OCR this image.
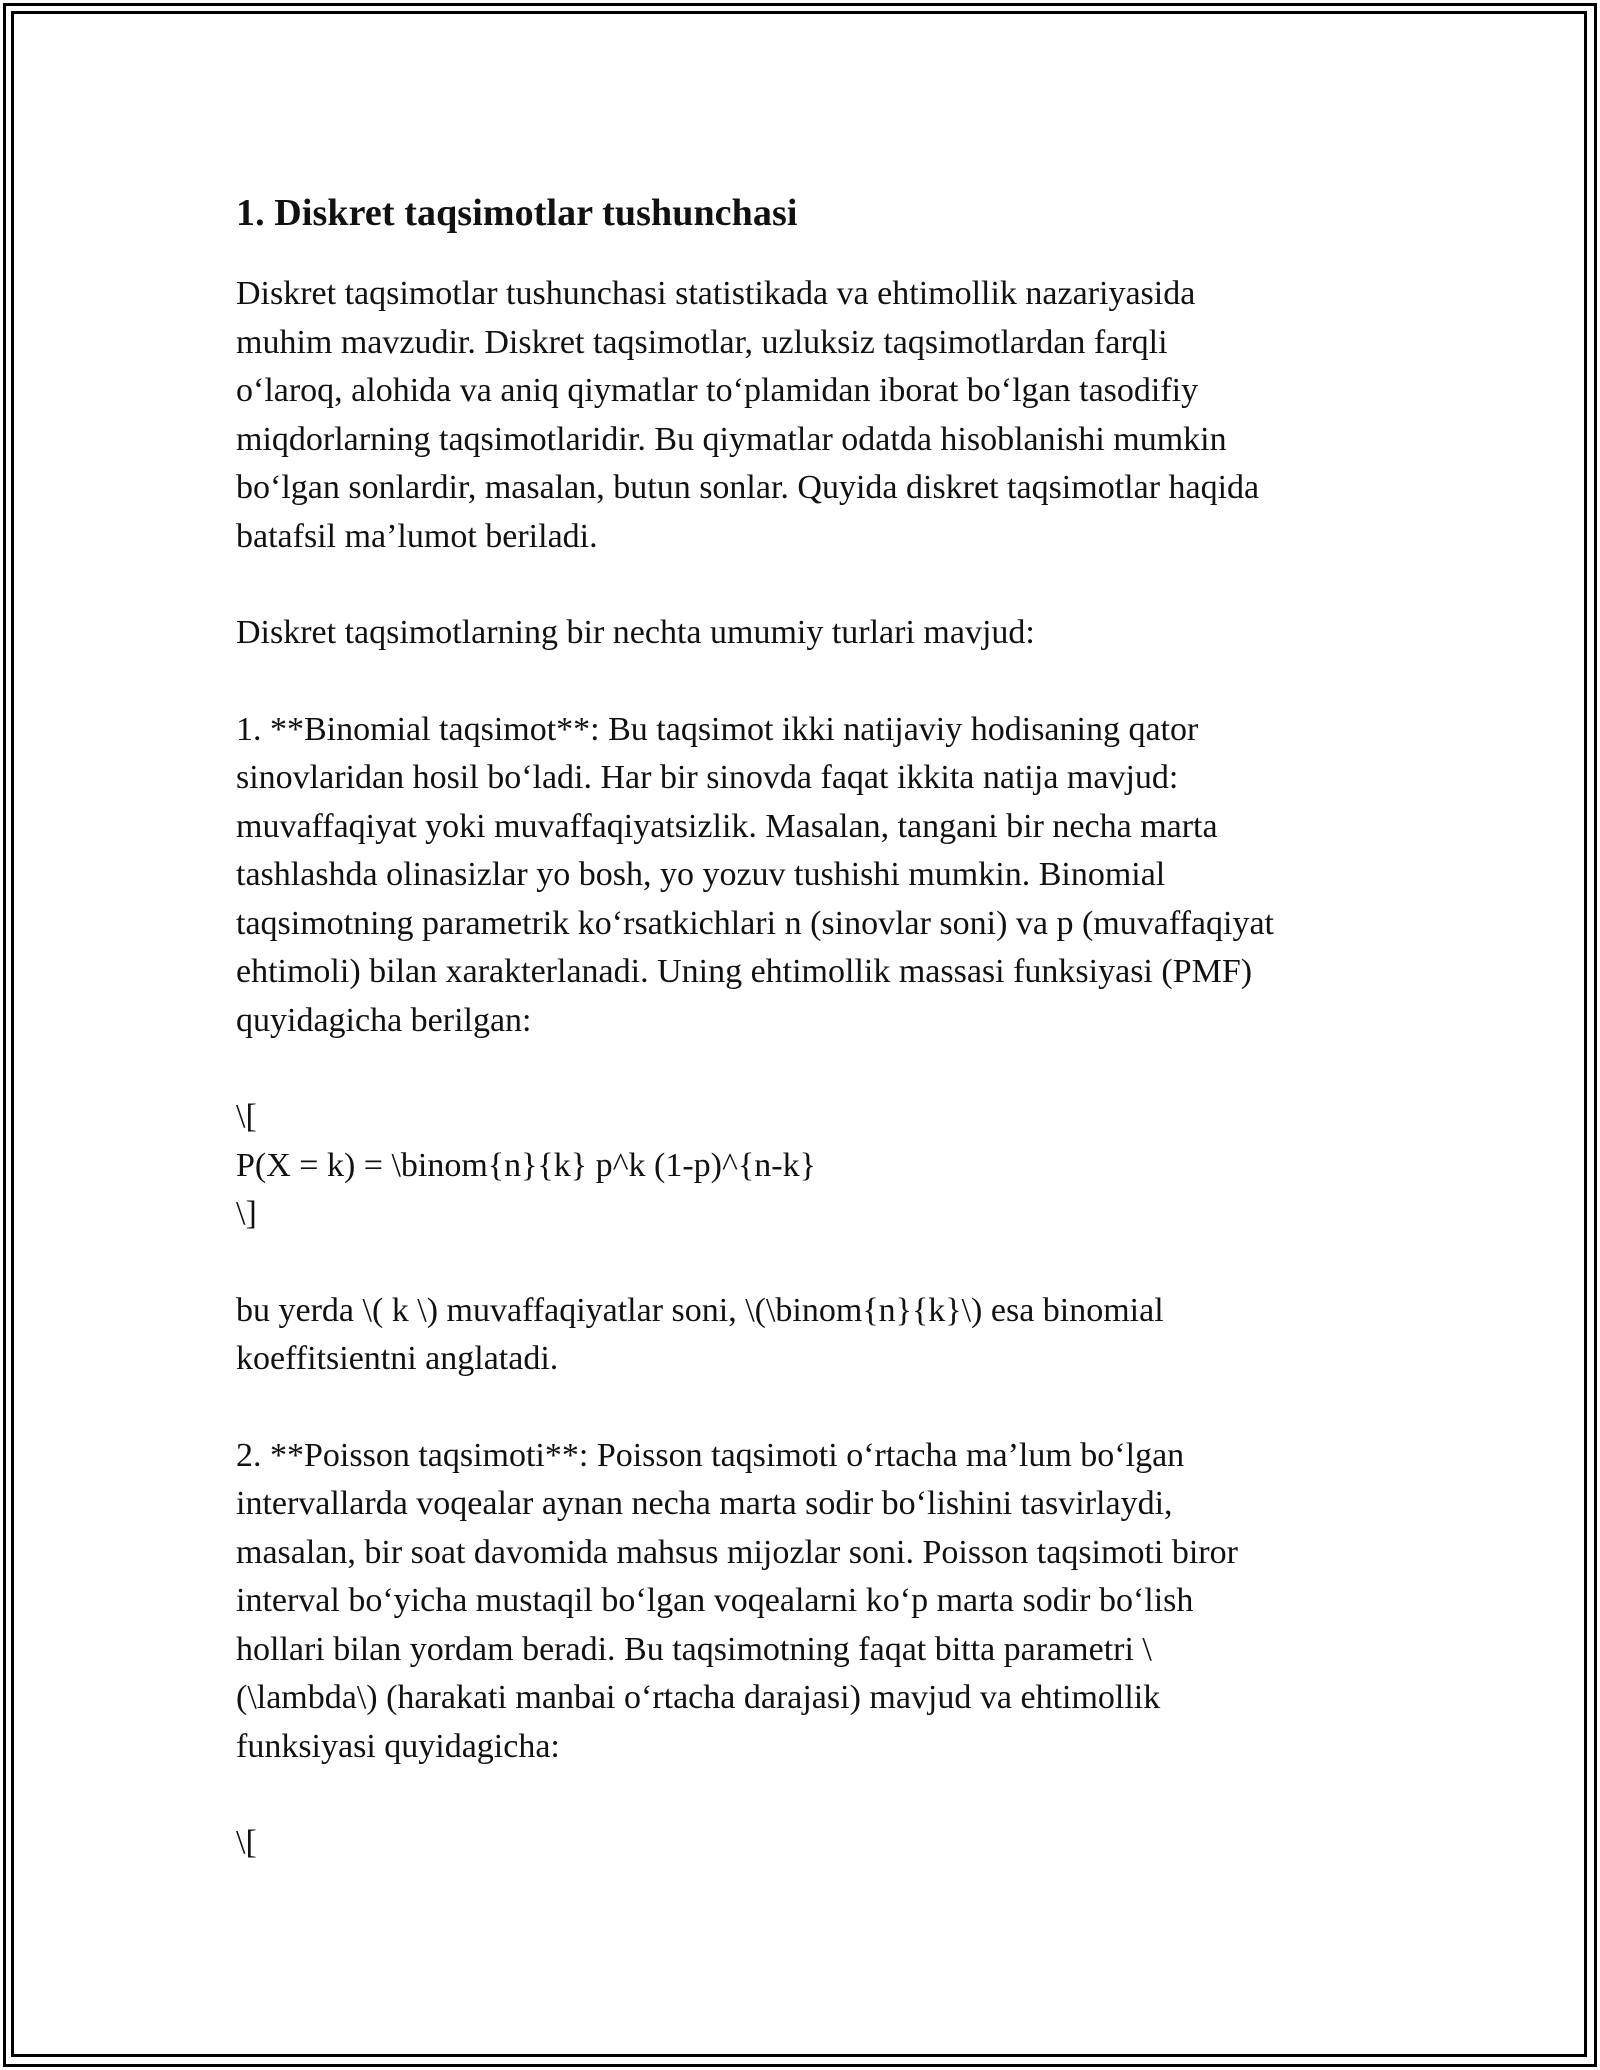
1. Diskret taqsimotlar tushunchasi

Diskret taqsimotlar tushunchasi statistikada va ehtimollik nazariyasida
muhim mavzudir. Diskret taqsimotlar, uzluksiz taqsimotlardan farqli
o‘laroq, alohida va aniq qiymatlar to‘plamidan iborat bo‘lgan tasodifiy
miqdorlarning taqsimotlaridir. Bu qiymatlar odatda hisoblanishi mumkin
bo‘lgan sonlardir, masalan, butun sonlar. Quyida diskret taqsimotlar haqida
batafsil ma’lumot beriladi.

Diskret taqsimotlarning bir nechta umumiy turlari mavjud:

1. **Binomial taqsimot**: Bu taqsimot ikki natijaviy hodisaning qator
sinovlaridan hosil bo‘ladi. Har bir sinovda faqat ikkita natija mavjud:
muvaffaqiyat yoki muvaffaqiyatsizlik. Masalan, tangani bir necha marta
tashlashda olinasizlar yo bosh, yo yozuv tushishi mumkin. Binomial
taqsimotning parametrik ko‘rsatkichlari n (sinovlar soni) va p (muvaffaqiyat
ehtimoli) bilan xarakterlanadi. Uning ehtimollik massasi funksiyasi (PMF)
quyidagicha berilgan:

\[
P(X = k) = \binom{n}{k} p^k (1-p)^{n-k}
\]

bu yerda \( k \) muvaffaqiyatlar soni, \(\binom{n}{k}\) esa binomial
koeffitsientni anglatadi.

2. **Poisson taqsimoti**: Poisson taqsimoti o‘rtacha ma’lum bo‘lgan
intervallarda voqealar aynan necha marta sodir bo‘lishini tasvirlaydi,
masalan, bir soat davomida mahsus mijozlar soni. Poisson taqsimoti biror
interval bo‘yicha mustaqil bo‘lgan voqealarni ko‘p marta sodir bo‘lish
hollari bilan yordam beradi. Bu taqsimotning faqat bitta parametri \
(\lambda\) (harakati manbai o‘rtacha darajasi) mavjud va ehtimollik
funksiyasi quyidagicha:

\[
